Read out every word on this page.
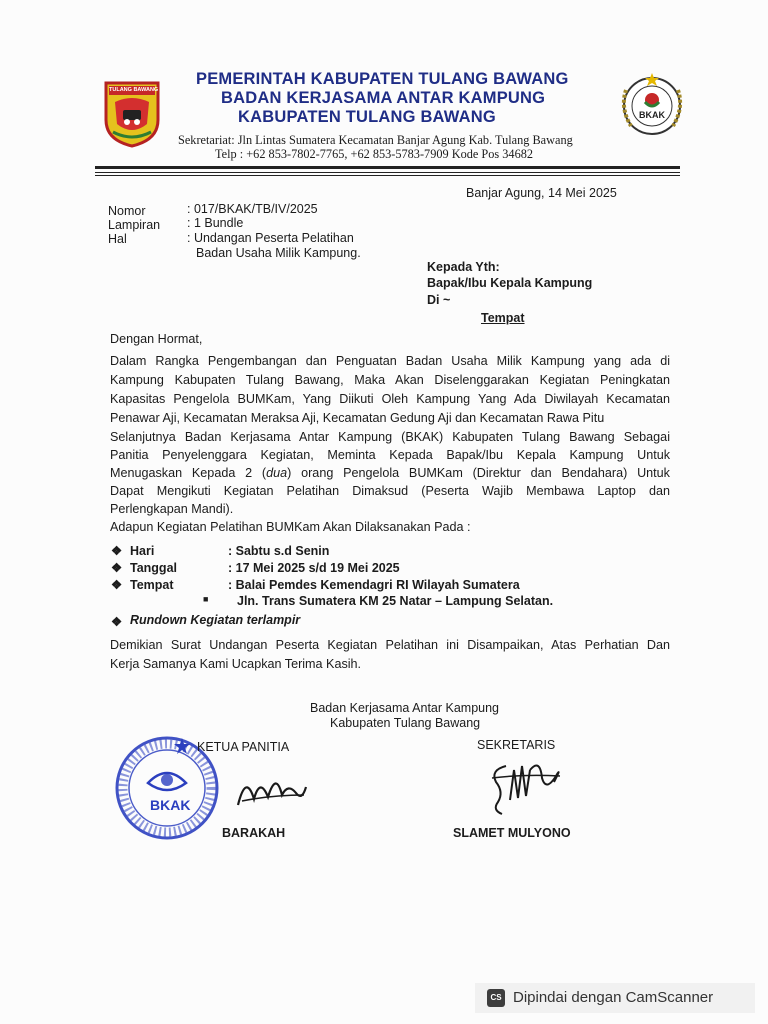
TULANG BAWANG
BKAK
PEMERINTAH KABUPATEN TULANG BAWANG
BADAN KERJASAMA ANTAR KAMPUNG
KABUPATEN TULANG BAWANG
Sekretariat: Jln Lintas Sumatera Kecamatan Banjar Agung Kab. Tulang Bawang
Telp : +62 853-7802-7765, +62 853-5783-7909 Kode Pos 34682
Banjar Agung, 14 Mei 2025
Nomor	: 017/BKAK/TB/IV/2025
Lampiran : 1 Bundle
Hal	: Undangan Peserta Pelatihan
Badan Usaha Milik Kampung.
Kepada Yth:
Bapak/Ibu Kepala Kampung
Di ~
Tempat
Dengan Hormat,
Dalam Rangka Pengembangan dan Penguatan Badan Usaha Milik Kampung yang ada di
Kampung Kabupaten Tulang Bawang, Maka Akan Diselenggarakan Kegiatan Peningkatan
Kapasitas Pengelola BUMKam, Yang Diikuti Oleh Kampung Yang Ada Diwilayah Kecamatan
Penawar Aji, Kecamatan Meraksa Aji, Kecamatan Gedung Aji dan Kecamatan Rawa Pitu
Selanjutnya Badan Kerjasama Antar Kampung (BKAK) Kabupaten Tulang Bawang Sebagai
Panitia Penyelenggara Kegiatan, Meminta Kepada Bapak/Ibu Kepala Kampung Untuk
Menugaskan Kepada 2 (dua) orang Pengelola BUMKam (Direktur dan Bendahara) Untuk
Dapat Mengikuti Kegiatan Pelatihan Dimaksud (Peserta Wajib Membawa Laptop dan
Perlengkapan Mandi).
Adapun Kegiatan Pelatihan BUMKam Akan Dilaksanakan Pada :
❖ Hari	: Sabtu s.d Senin
❖ Tanggal	: 17 Mei 2025 s/d 19 Mei 2025
❖ Tempat	: Balai Pemdes Kemendagri RI Wilayah Sumatera
■ Jln. Trans Sumatera KM 25 Natar – Lampung Selatan.
❖ Rundown Kegiatan terlampir
Demikian Surat Undangan Peserta Kegiatan Pelatihan ini Disampaikan, Atas Perhatian Dan
Kerja Samanya Kami Ucapkan Terima Kasih.
Badan Kerjasama Antar Kampung
Kabupaten Tulang Bawang
BKAK
KETUA PANITIA
BARAKAH
SEKRETARIS
SLAMET MULYONO
CS Dipindai dengan CamScanner
